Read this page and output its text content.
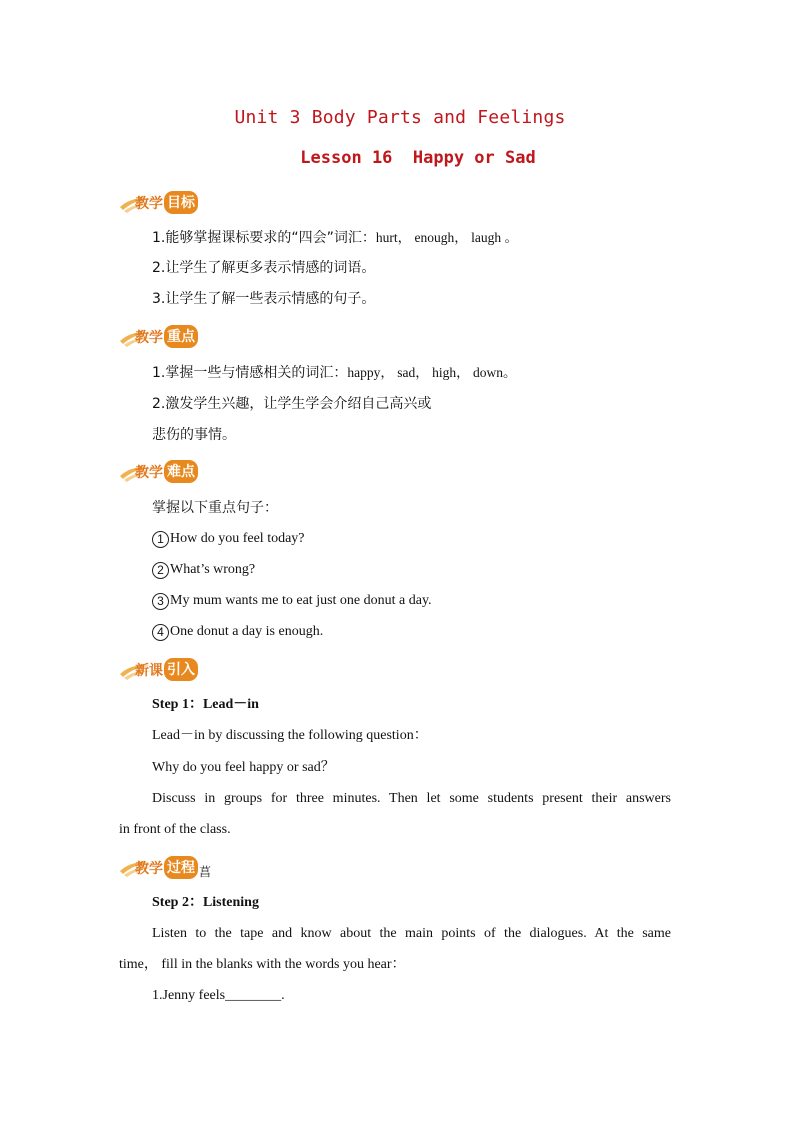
Unit 3 Body Parts and Feelings
Lesson 16  Happy or Sad
教学 目标
1.能够掌握课标要求的“四会”词汇：hurt， enough， laugh 。
2.让学生了解更多表示情感的词语。
3.让学生了解一些表示情感的句子。
教学 重点
1.掌握一些与情感相关的词汇：happy， sad， high， down。
2.激发学生兴趣，让学生学会介绍自己高兴或
悲伤的事情。
教学 难点
掌握以下重点句子：
1 How do you feel today?
2 What’s wrong?
3 My mum wants me to eat just one donut a day.
4 One donut a day is enough.
新课 引入
Step 1：Lead－in
Lead－in by discussing the following question：
Why do you feel happy or sad？
Discuss in groups for three minutes. Then let some students present their answers
in front of the class.
教学 过程 菖
Step 2：Listening
Listen to the tape and know about the main points of the dialogues. At the same
time， fill in the blanks with the words you hear：
1.Jenny feels________.
